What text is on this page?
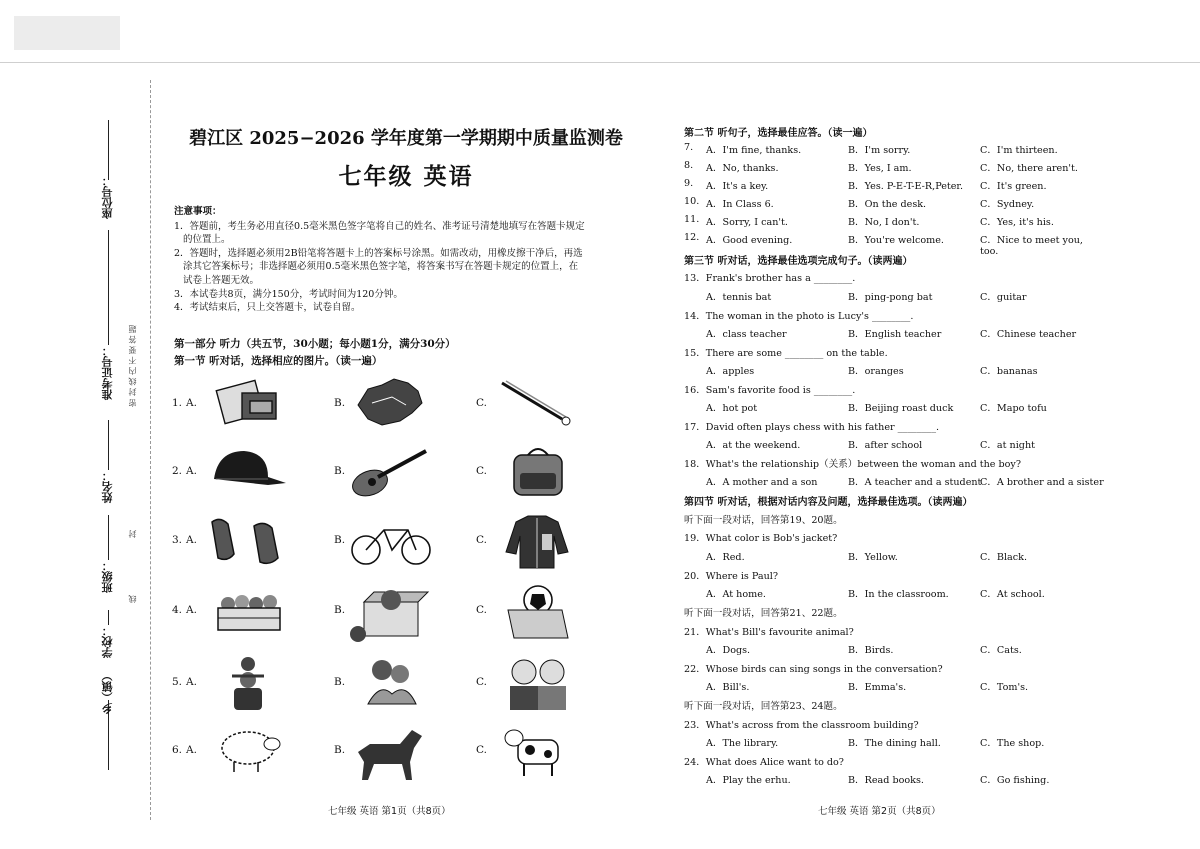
座位号：
准考证号：
姓名：
班级：
学校：
乡（镇）
密 封 线 内 不 要 答 题
封
线
碧江区 2025−2026 学年度第一学期期中质量监测卷
七年级 英语
注意事项：
1．答题前，考生务必用直径0.5毫米黑色签字笔将自己的姓名、准考证号清楚地填写在答题卡规定
的位置上。
2．答题时，选择题必须用2B铅笔将答题卡上的答案标号涂黑。如需改动，用橡皮擦干净后，再选
涂其它答案标号；非选择题必须用0.5毫米黑色签字笔，将答案书写在答题卡规定的位置上，在
试卷上答题无效。
3．本试卷共8页，满分150分，考试时间为120分钟。
4．考试结束后，只上交答题卡，试卷自留。
第一部分 听力（共五节，30小题；每小题1分，满分30分）
第一节 听对话，选择相应的图片。（读一遍）
1. A.	B.	C.
2. A.	B.	C.
3. A.	B.	C.
4. A.	B.	C.
5. A.	B.	C.
6. A.	B.	C.
七年级 英语 第1页（共8页）
第二节 听句子，选择最佳应答。（读一遍）
7. A．I'm fine, thanks.	B．I'm sorry.	C．I'm thirteen.
8. A．No, thanks.	B．Yes, I am.	C．No, there aren't.
9. A．It's a key.	B．Yes. P-E-T-E-R,Peter. C．It's green.
10. A．In Class 6.	B．On the desk.	C．Sydney.
11. A．Sorry, I can't.	B．No, I don't.	C．Yes, it's his.
12. A．Good evening.	B．You're welcome.	C．Nice to meet you, too.
第三节 听对话，选择最佳选项完成句子。（读两遍）
13．Frank's brother has a ________.
A．tennis bat	B．ping-pong bat	C．guitar
14．The woman in the photo is Lucy's ________.
A．class teacher	B．English teacher	C．Chinese teacher
15．There are some ________ on the table.
A．apples	B．oranges	C．bananas
16．Sam's favorite food is ________.
A．hot pot	B．Beijing roast duck	C．Mapo tofu
17．David often plays chess with his father ________.
A．at the weekend.	B．after school	C．at night
18．What's the relationship（关系）between the woman and the boy?
A．A mother and a son	B．A teacher and a student
C．A brother and a sister
第四节 听对话，根据对话内容及问题，选择最佳选项。（读两遍）
听下面一段对话，回答第19、20题。
19．What color is Bob's jacket?
A．Red.	B．Yellow.	C．Black.
20．Where is Paul?
A．At home.	B．In the classroom.	C．At school.
听下面一段对话，回答第21、22题。
21．What's Bill's favourite animal?
A．Dogs.	B．Birds.	C．Cats.
22．Whose birds can sing songs in the conversation?
A．Bill's.	B．Emma's.	C．Tom's.
听下面一段对话，回答第23、24题。
23．What's across from the classroom building?
A．The library.	B．The dining hall.	C．The shop.
24．What does Alice want to do?
A．Play the erhu.	B．Read books.	C．Go fishing.
七年级 英语 第2页（共8页）
